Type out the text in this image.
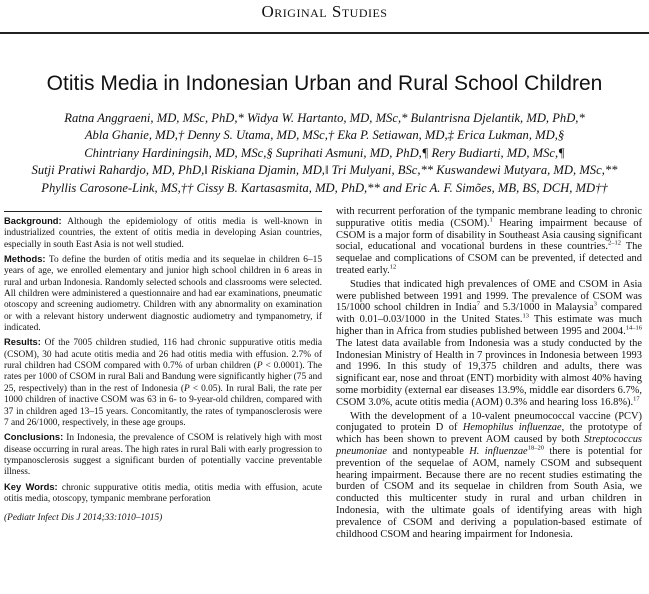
Original Studies
Otitis Media in Indonesian Urban and Rural School Children
Ratna Anggraeni, MD, MSc, PhD,* Widya W. Hartanto, MD, MSc,* Bulantrisna Djelantik, MD, PhD,*
Abla Ghanie, MD,† Denny S. Utama, MD, MSc,† Eka P. Setiawan, MD,‡ Erica Lukman, MD,§
Chintriany Hardiningsih, MD, MSc,§ Suprihati Asmuni, MD, PhD,¶ Rery Budiarti, MD, MSc,¶
Sutji Pratiwi Rahardjo, MD, PhD,‖ Riskiana Djamin, MD,‖ Tri Mulyani, BSc,** Kuswandewi Mutyara, MD, MSc,**
Phyllis Carosone-Link, MS,†† Cissy B. Kartasasmita, MD, PhD,** and Eric A. F. Simões, MB, BS, DCH, MD††

Background: Although the epidemiology of otitis media is well-known in industrialized countries, the extent of otitis media in developing Asian countries, especially in south East Asia is not well studied.

Methods: To define the burden of otitis media and its sequelae in children 6–15 years of age, we enrolled elementary and junior high school children in 6 areas in rural and urban Indonesia. Randomly selected schools and classrooms were selected. All children were administered a questionnaire and had ear examinations, pneumatic otoscopy and screening audiometry. Children with any abnormality on examination or with a relevant history underwent diagnostic audiometry and tympanometry, if indicated.

Results: Of the 7005 children studied, 116 had chronic suppurative otitis media (CSOM), 30 had acute otitis media and 26 had otitis media with effusion. 2.7% of rural children had CSOM compared with 0.7% of urban children (P < 0.0001). The rates per 1000 of CSOM in rural Bali and Bandung were significantly higher (75 and 25, respectively) than in the rest of Indonesia (P < 0.05). In rural Bali, the rate per 1000 children of inactive CSOM was 63 in 6- to 9-year-old children, compared with 37 in children aged 13–15 years. Concomitantly, the rates of tympanosclerosis were 7 and 26/1000, respectively, in these age groups.

Conclusions: In Indonesia, the prevalence of CSOM is relatively high with most disease occurring in rural areas. The high rates in rural Bali with early progression to tympanosclerosis suggest a significant burden of potentially vaccine preventable illness.

Key Words: chronic suppurative otitis media, otitis media with effusion, acute otitis media, otoscopy, tympanic membrane perforation

(Pediatr Infect Dis J 2014;33:1010–1015)

with recurrent perforation of the tympanic membrane leading to chronic suppurative otitis media (CSOM).$^1$ Hearing impairment because of CSOM is a major form of disability in Southeast Asia causing significant social, educational and vocational burdens in these countries.$^{2-12}$ The sequelae and complications of CSOM can be prevented, if detected and treated early.$^{12}$

Studies that indicated high prevalences of OME and CSOM in Asia were published between 1991 and 1999. The prevalence of CSOM was 15/1000 school children in India$^7$ and 5.3/1000 in Malaysia$^3$ compared with 0.01–0.03/1000 in the United States.$^{13}$ This estimate was much higher than in Africa from studies published between 1995 and 2004.$^{14-16}$ The latest data available from Indonesia was a study conducted by the Indonesian Ministry of Health in 7 provinces in Indonesia between 1993 and 1996. In this study of 19,375 children and adults, there was significant ear, nose and throat (ENT) morbidity with almost 40% having some morbidity (external ear diseases 13.9%, middle ear disorders 6.7%, CSOM 3.0%, acute otitis media (AOM) 0.3% and hearing loss 16.8%).$^{17}$

With the development of a 10-valent pneumococcal vaccine (PCV) conjugated to protein D of Hemophilus influenzae, the prototype of which has been shown to prevent AOM caused by both Streptococcus pneumoniae and nontypeable H. influenzae$^{18-20}$ there is potential for prevention of the sequelae of AOM, namely CSOM and subsequent hearing impairment. Because there are no recent studies estimating the burden of CSOM and its sequelae in children from South Asia, we conducted this multicenter study in rural and urban children in Indonesia, with the ultimate goals of identifying areas with high prevalence of CSOM and deriving a population-based estimate of childhood CSOM and hearing impairment for Indonesia.
